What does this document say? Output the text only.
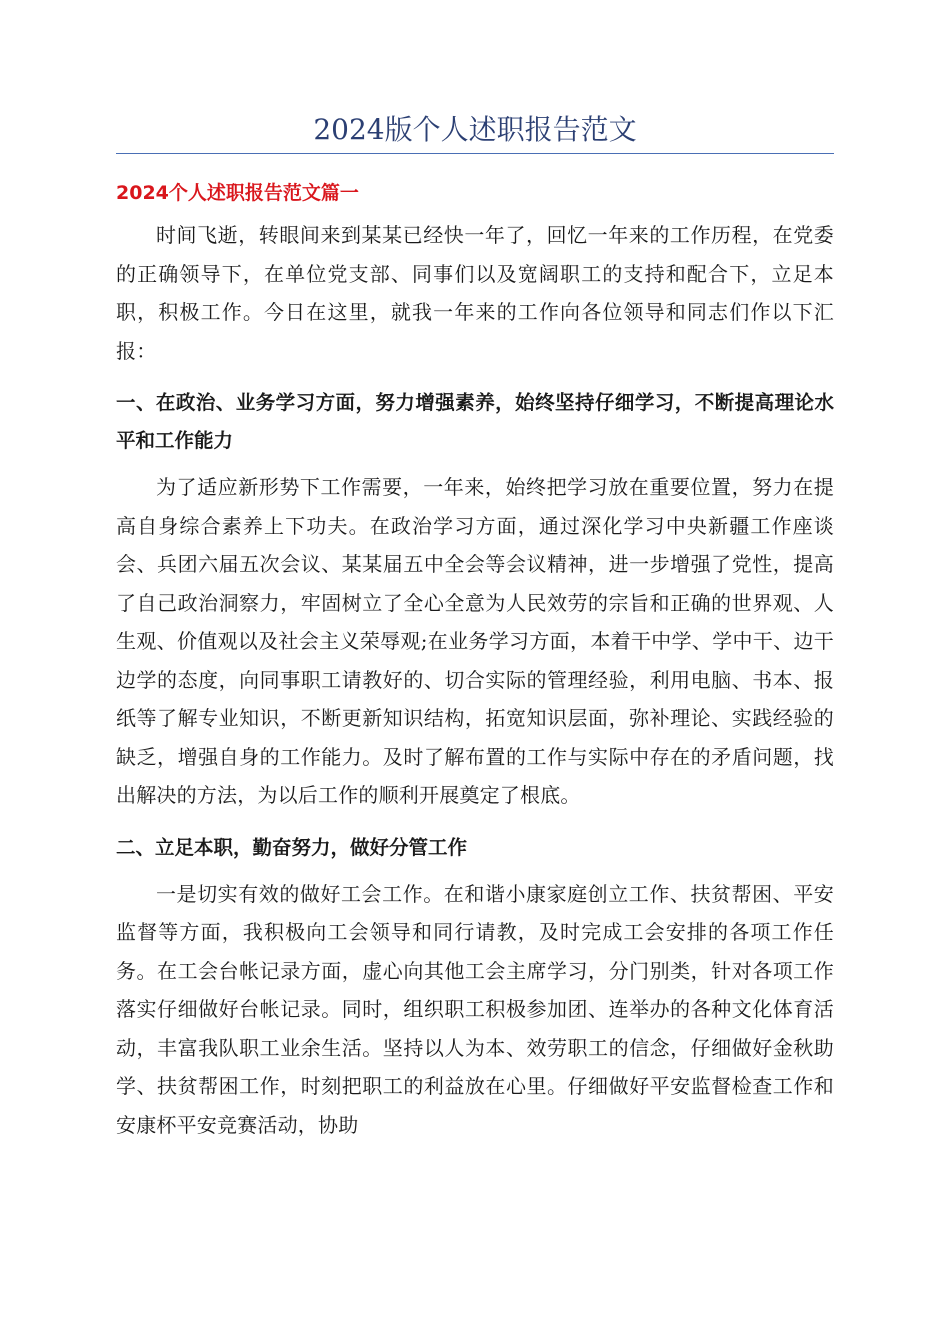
2024版个人述职报告范文
2024个人述职报告范文篇一

时间飞逝，转眼间来到某某已经快一年了，回忆一年来的工作历程，在党委的正确领导下，在单位党支部、同事们以及宽阔职工的支持和配合下，立足本职，积极工作。今日在这里，就我一年来的工作向各位领导和同志们作以下汇报：

一、在政治、业务学习方面，努力增强素养，始终坚持仔细学习，不断提高理论水平和工作能力

为了适应新形势下工作需要，一年来，始终把学习放在重要位置，努力在提高自身综合素养上下功夫。在政治学习方面，通过深化学习中央新疆工作座谈会、兵团六届五次会议、某某届五中全会等会议精神，进一步增强了党性，提高了自己政治洞察力，牢固树立了全心全意为人民效劳的宗旨和正确的世界观、人生观、价值观以及社会主义荣辱观;在业务学习方面，本着干中学、学中干、边干边学的态度，向同事职工请教好的、切合实际的管理经验，利用电脑、书本、报纸等了解专业知识，不断更新知识结构，拓宽知识层面，弥补理论、实践经验的缺乏，增强自身的工作能力。及时了解布置的工作与实际中存在的矛盾问题，找出解决的方法，为以后工作的顺利开展奠定了根底。

二、立足本职，勤奋努力，做好分管工作

一是切实有效的做好工会工作。在和谐小康家庭创立工作、扶贫帮困、平安监督等方面，我积极向工会领导和同行请教，及时完成工会安排的各项工作任务。在工会台帐记录方面，虚心向其他工会主席学习，分门别类，针对各项工作落实仔细做好台帐记录。同时，组织职工积极参加团、连举办的各种文化体育活动，丰富我队职工业余生活。坚持以人为本、效劳职工的信念，仔细做好金秋助学、扶贫帮困工作，时刻把职工的利益放在心里。仔细做好平安监督检查工作和安康杯平安竞赛活动，协助
